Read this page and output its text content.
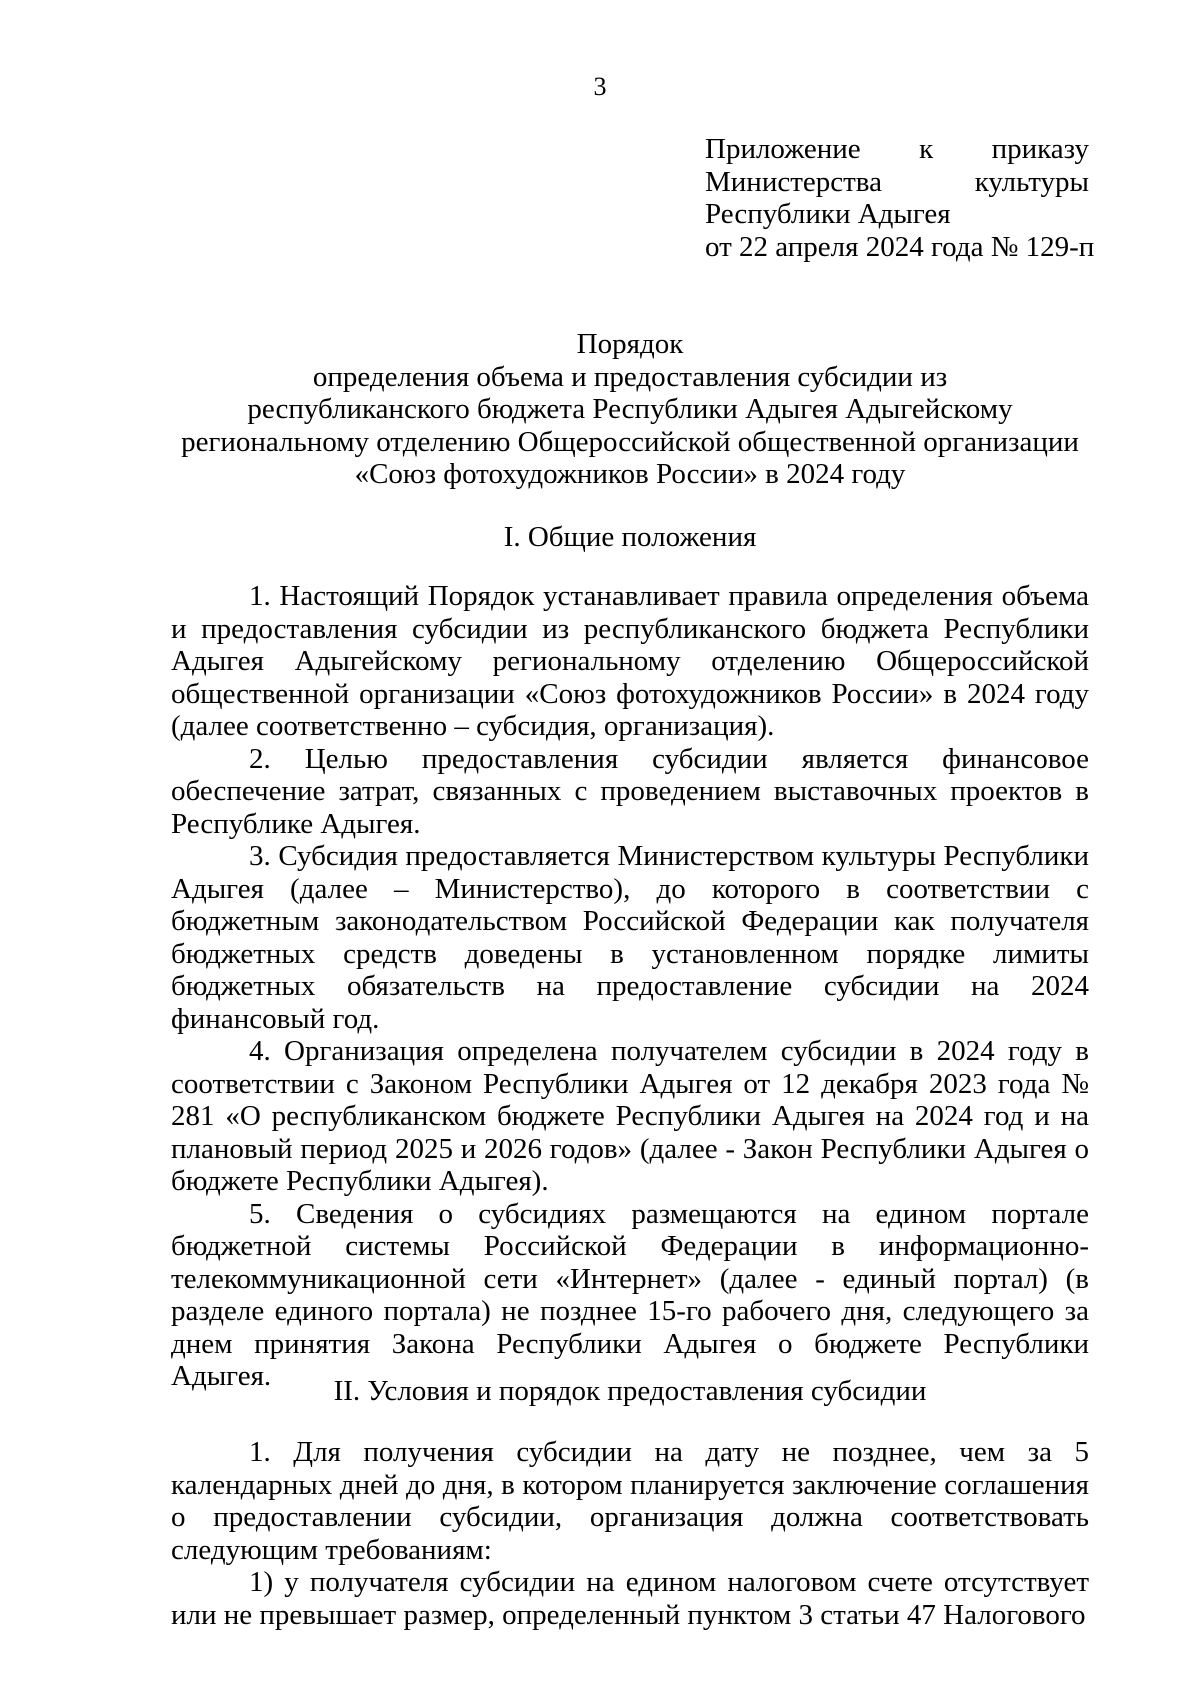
3
Приложение к приказу
Министерства культуры
Республики Адыгея
от 22 апреля 2024 года № 129-п
Порядок
определения объема и предоставления субсидии из
республиканского бюджета Республики Адыгея Адыгейскому
региональному отделению Общероссийской общественной организации
«Союз фотохудожников России» в 2024 году
I. Общие положения

1. Настоящий Порядок устанавливает правила определения объема и предоставления субсидии из республиканского бюджета Республики Адыгея Адыгейскому региональному отделению Общероссийской общественной организации «Союз фотохудожников России» в 2024 году (далее соответственно – субсидия, организация).

2. Целью предоставления субсидии является финансовое обеспечение затрат, связанных с проведением выставочных проектов в Республике Адыгея.

3. Субсидия предоставляется Министерством культуры Республики Адыгея (далее – Министерство), до которого в соответствии с бюджетным законодательством Российской Федерации как получателя бюджетных средств доведены в установленном порядке лимиты бюджетных обязательств на предоставление субсидии на 2024 финансовый год.

4. Организация определена получателем субсидии в 2024 году в соответствии с Законом Республики Адыгея от 12 декабря 2023 года № 281 «О республиканском бюджете Республики Адыгея на 2024 год и на плановый период 2025 и 2026 годов» (далее - Закон Республики Адыгея о бюджете Республики Адыгея).

5. Сведения о субсидиях размещаются на едином портале бюджетной системы Российской Федерации в информационно-телекоммуникационной сети «Интернет» (далее - единый портал) (в разделе единого портала) не позднее 15-го рабочего дня, следующего за днем принятия Закона Республики Адыгея о бюджете Республики Адыгея.	II. Условия и порядок предоставления субсидии

1. Для получения субсидии на дату не позднее, чем за 5 календарных дней до дня, в котором планируется заключение соглашения о предоставлении субсидии, организация должна соответствовать следующим требованиям:

1) у получателя субсидии на едином налоговом счете отсутствует или не превышает размер, определенный пунктом 3 статьи 47 Налогового
